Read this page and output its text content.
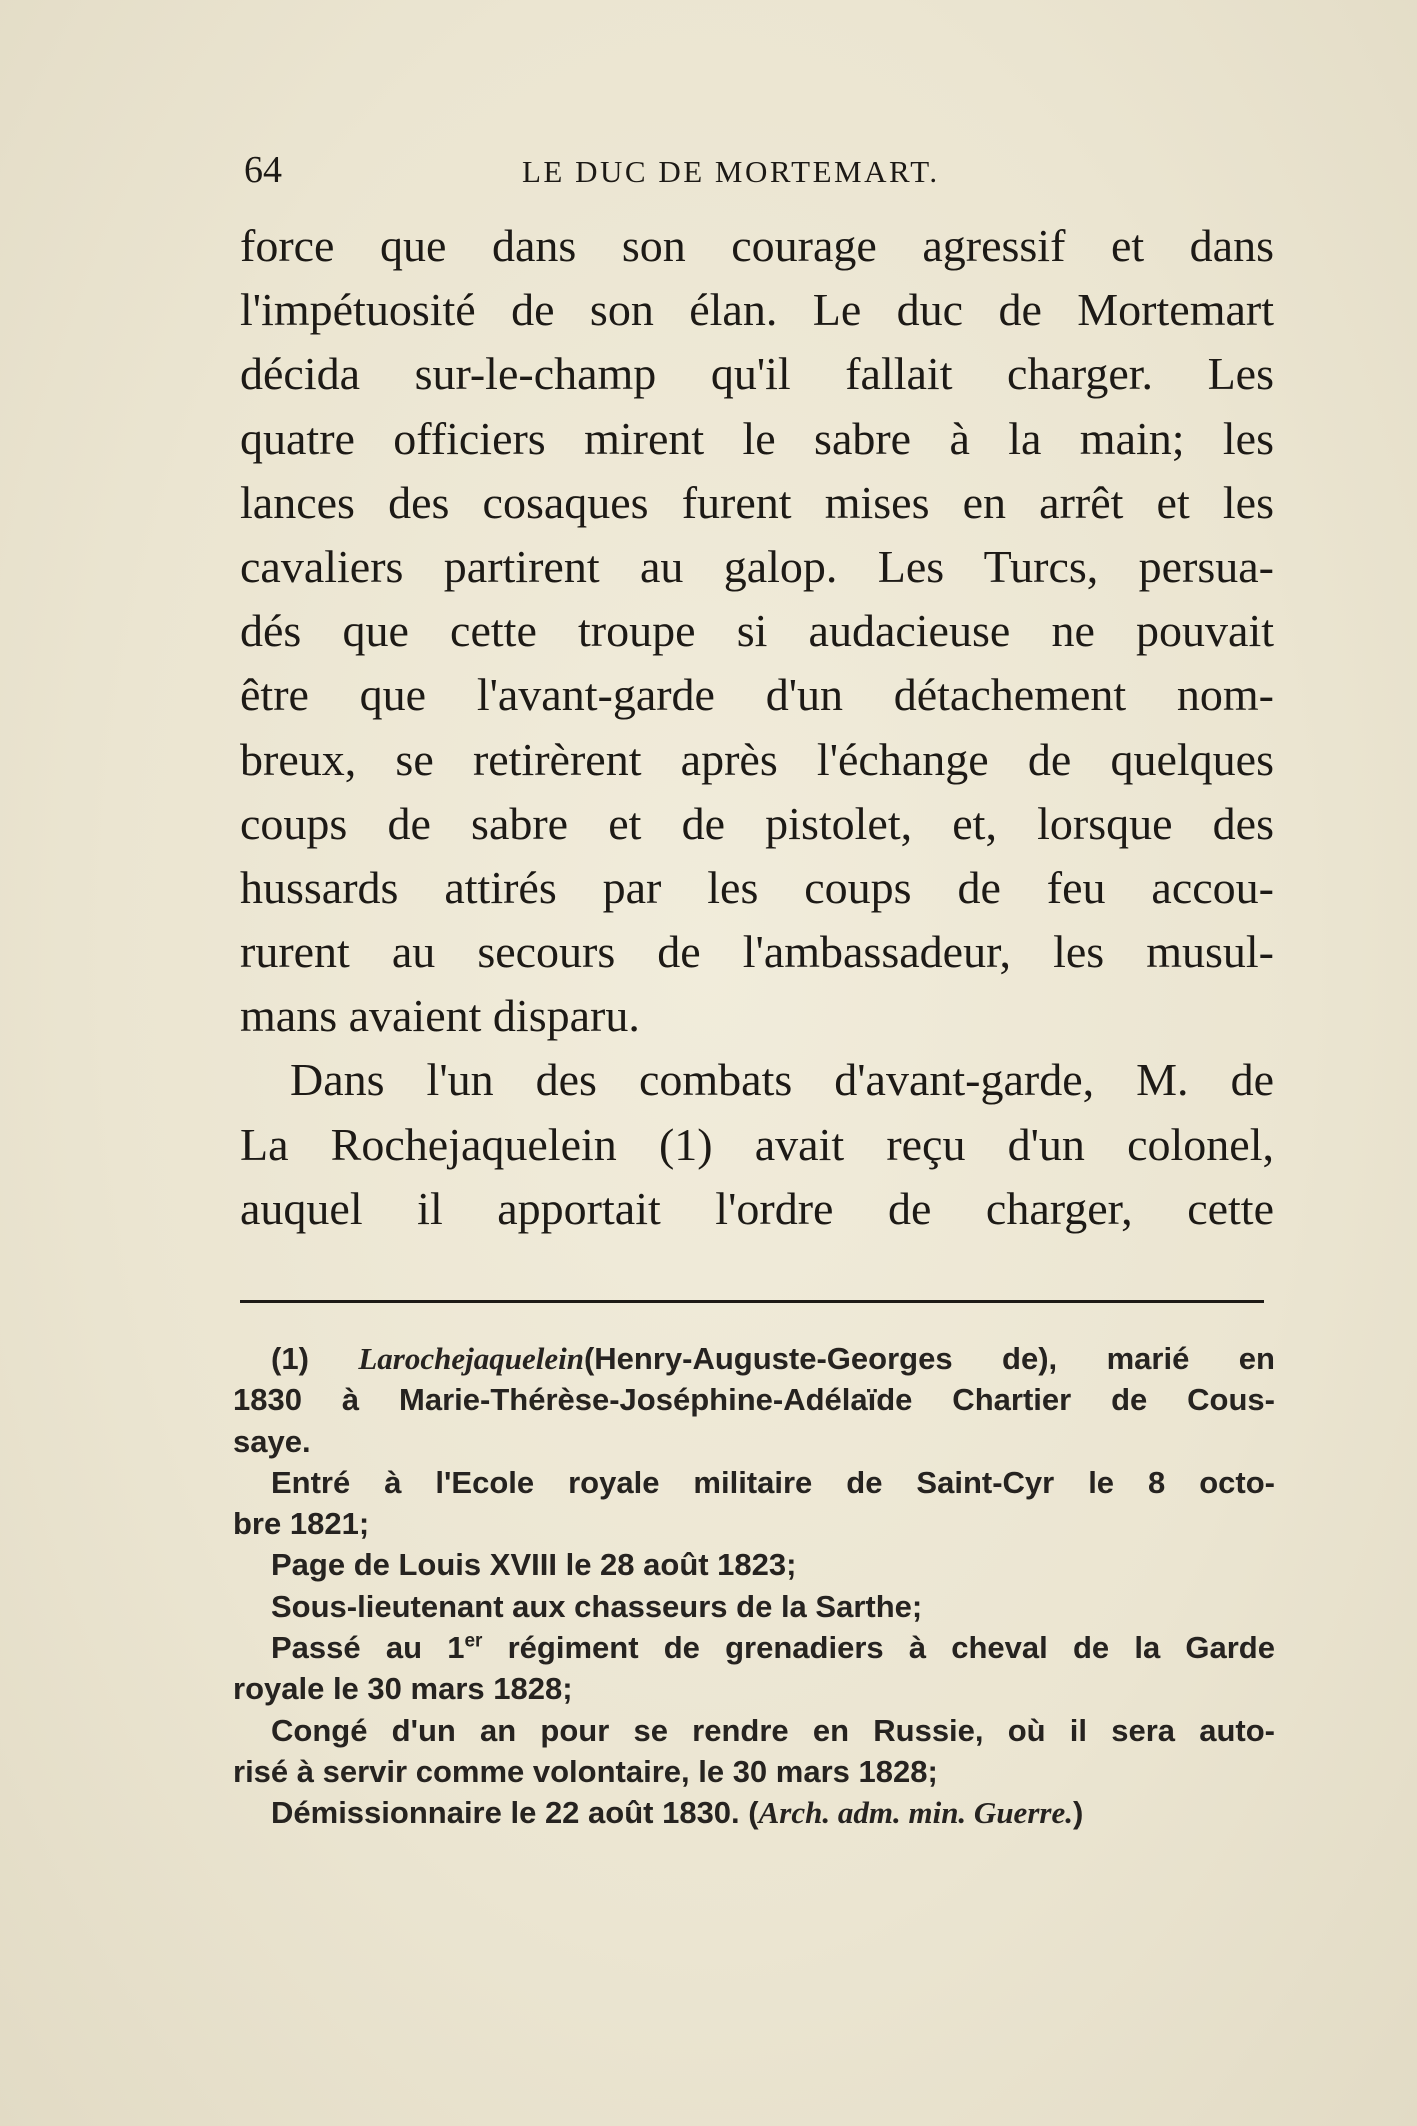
64	LE DUC DE MORTEMART.
force que dans son courage agressif et dans
l'impétuosité de son élan. Le duc de Mortemart
décida sur-le-champ qu'il fallait charger. Les
quatre officiers mirent le sabre à la main; les
lances des cosaques furent mises en arrêt et les
cavaliers partirent au galop. Les Turcs, persua-
dés que cette troupe si audacieuse ne pouvait
être que l'avant-garde d'un détachement nom-
breux, se retirèrent après l'échange de quelques
coups de sabre et de pistolet, et, lorsque des
hussards attirés par les coups de feu accou-
rurent au secours de l'ambassadeur, les musul-
mans avaient disparu.
Dans l'un des combats d'avant-garde, M. de
La Rochejaquelein (1) avait reçu d'un colonel,
auquel il apportait l'ordre de charger, cette
(1) Larochejaquelein(Henry-Auguste-Georges de), marié en
1830 à Marie-Thérèse-Joséphine-Adélaïde Chartier de Cous-
saye.
Entré à l'Ecole royale militaire de Saint-Cyr le 8 octo-
bre 1821;
Page de Louis XVIII le 28 août 1823;
Sous-lieutenant aux chasseurs de la Sarthe;
Passé au 1er régiment de grenadiers à cheval de la Garde
royale le 30 mars 1828;
Congé d'un an pour se rendre en Russie, où il sera auto-
risé à servir comme volontaire, le 30 mars 1828;
Démissionnaire le 22 août 1830. (Arch. adm. min. Guerre.)
